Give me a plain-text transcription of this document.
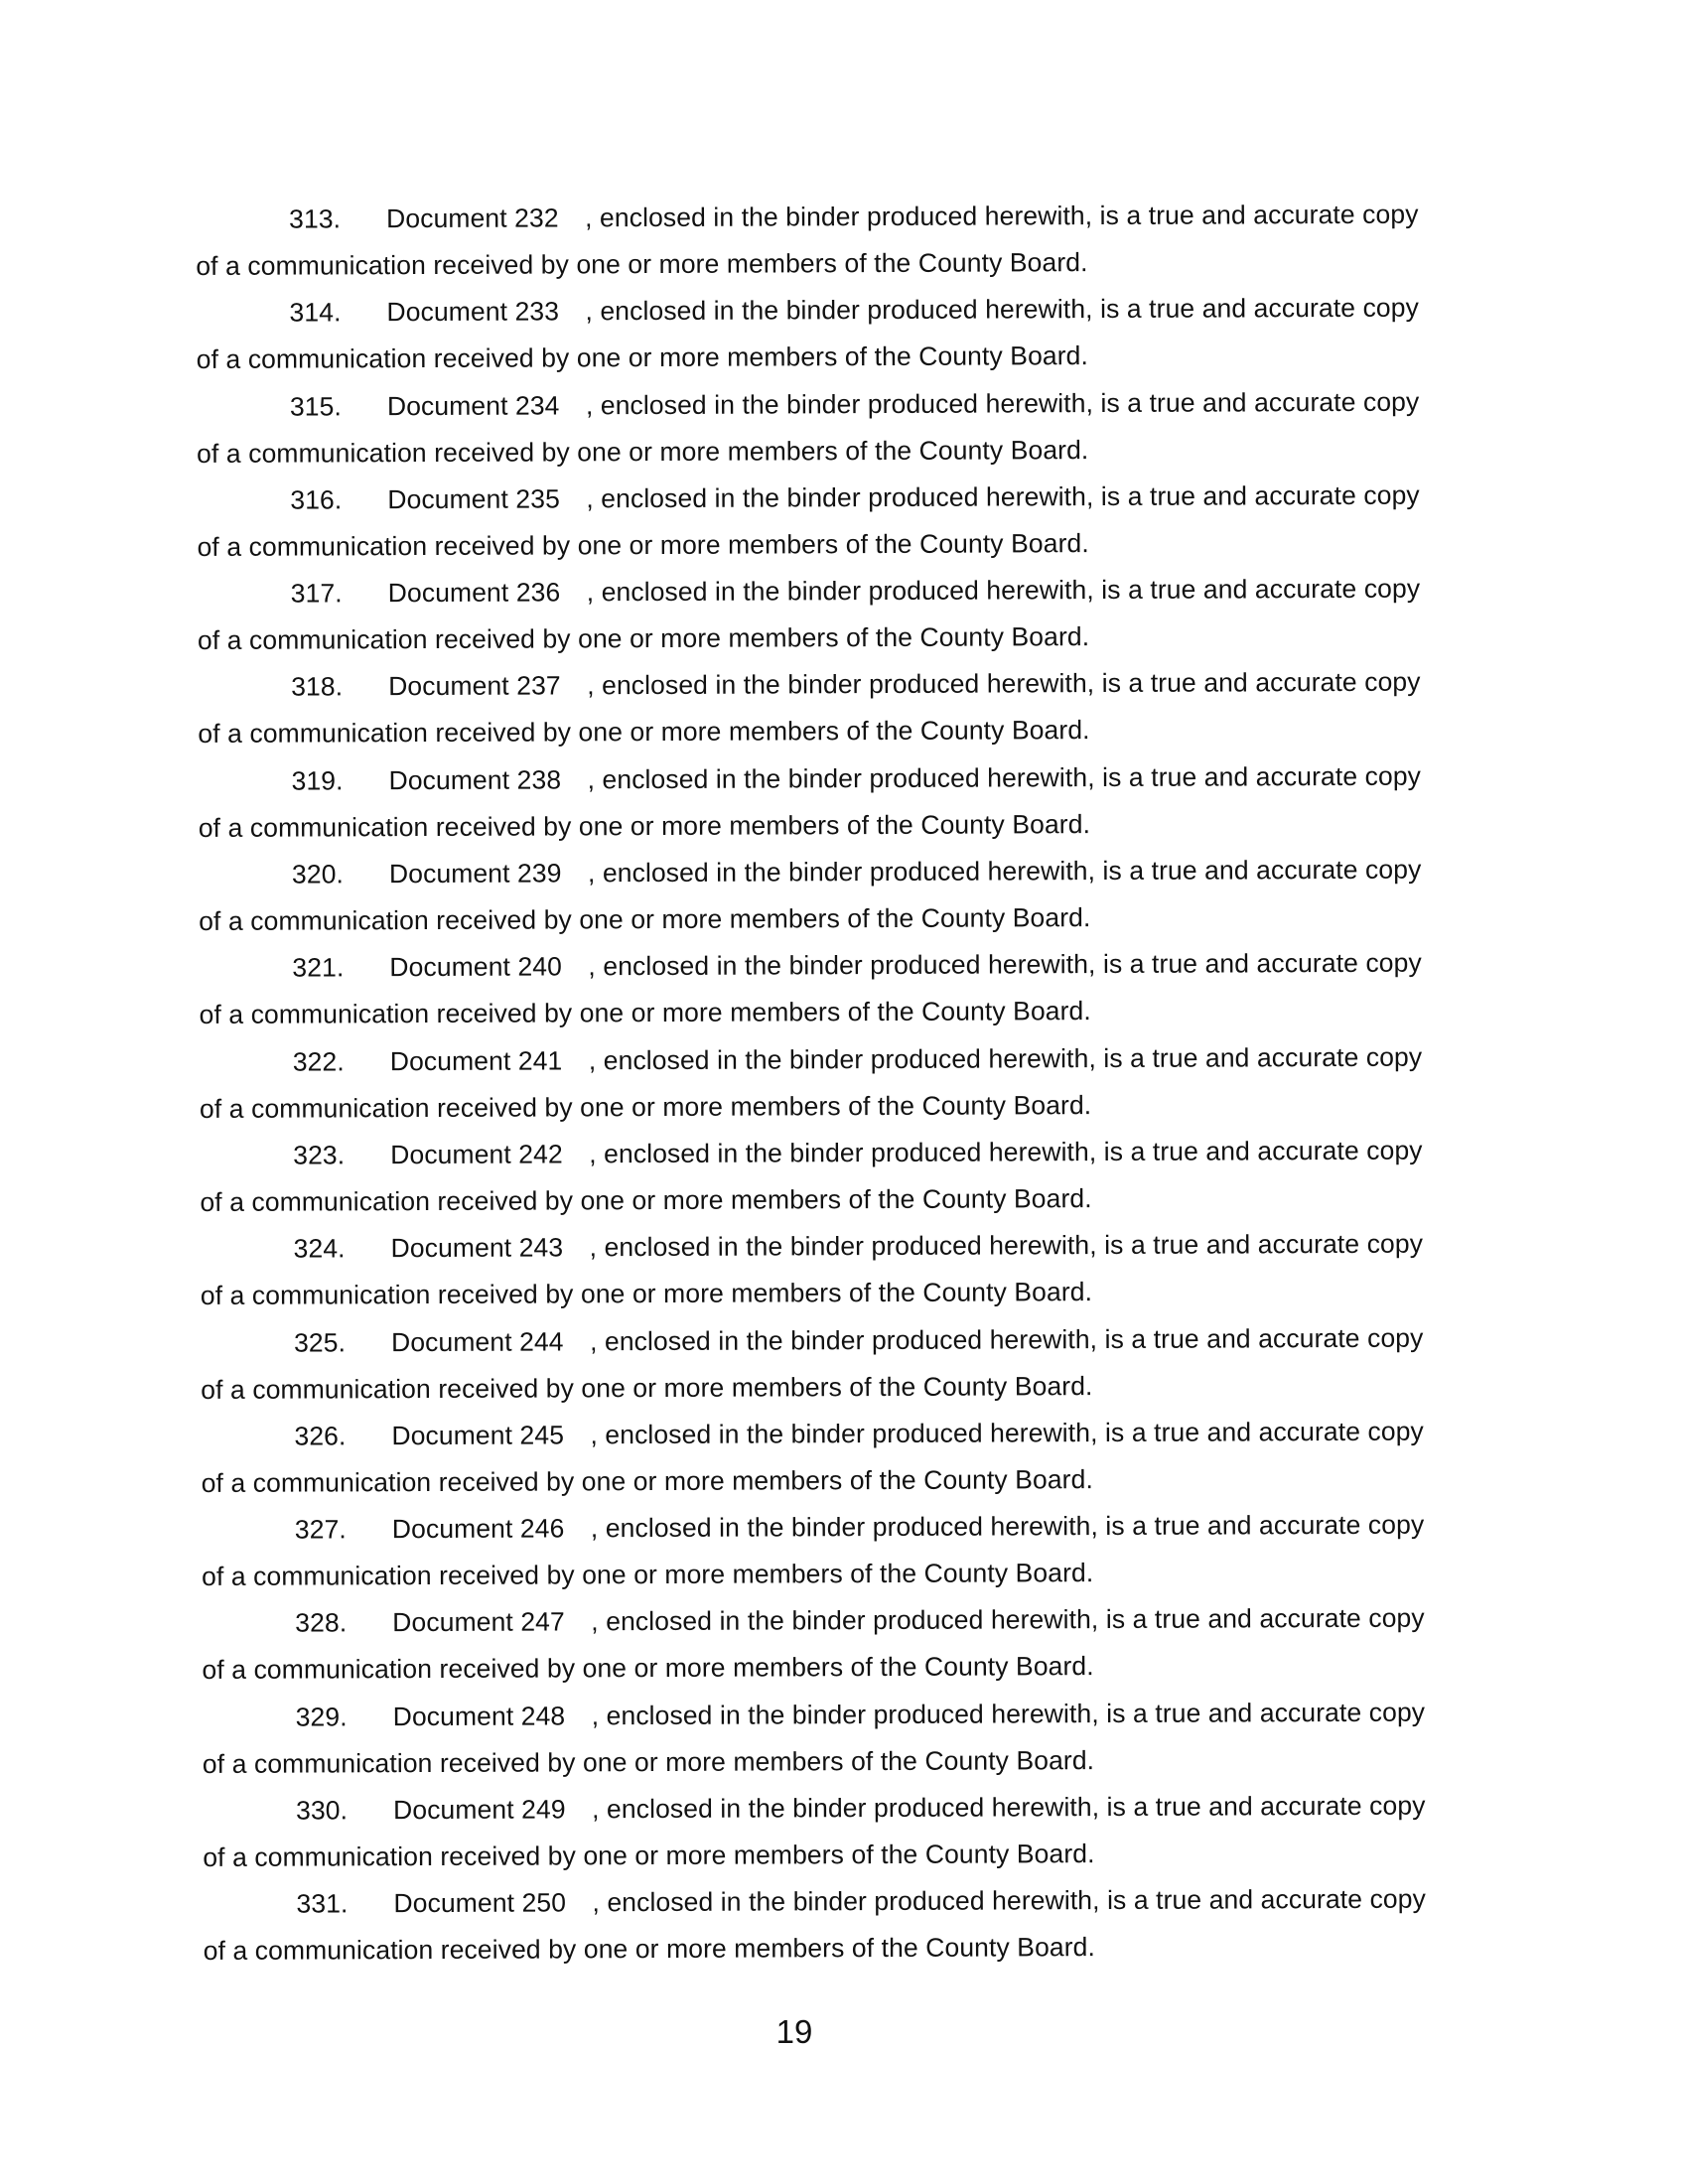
313.	Document 232 , enclosed in the binder produced herewith, is a true and accurate copy
of a communication received by one or more members of the County Board.
314.	Document 233 , enclosed in the binder produced herewith, is a true and accurate copy
of a communication received by one or more members of the County Board.
315.	Document 234 , enclosed in the binder produced herewith, is a true and accurate copy
of a communication received by one or more members of the County Board.
316.	Document 235 , enclosed in the binder produced herewith, is a true and accurate copy
of a communication received by one or more members of the County Board.
317.	Document 236 , enclosed in the binder produced herewith, is a true and accurate copy
of a communication received by one or more members of the County Board.
318.	Document 237 , enclosed in the binder produced herewith, is a true and accurate copy
of a communication received by one or more members of the County Board.
319.	Document 238 , enclosed in the binder produced herewith, is a true and accurate copy
of a communication received by one or more members of the County Board.
320.	Document 239 , enclosed in the binder produced herewith, is a true and accurate copy
of a communication received by one or more members of the County Board.
321.	Document 240 , enclosed in the binder produced herewith, is a true and accurate copy
of a communication received by one or more members of the County Board.
322.	Document 241 , enclosed in the binder produced herewith, is a true and accurate copy
of a communication received by one or more members of the County Board.
323.	Document 242 , enclosed in the binder produced herewith, is a true and accurate copy
of a communication received by one or more members of the County Board.
324.	Document 243 , enclosed in the binder produced herewith, is a true and accurate copy
of a communication received by one or more members of the County Board.
325.	Document 244 , enclosed in the binder produced herewith, is a true and accurate copy
of a communication received by one or more members of the County Board.
326.	Document 245 , enclosed in the binder produced herewith, is a true and accurate copy
of a communication received by one or more members of the County Board.
327.	Document 246 , enclosed in the binder produced herewith, is a true and accurate copy
of a communication received by one or more members of the County Board.
328.	Document 247 , enclosed in the binder produced herewith, is a true and accurate copy
of a communication received by one or more members of the County Board.
329.	Document 248 , enclosed in the binder produced herewith, is a true and accurate copy
of a communication received by one or more members of the County Board.
330.	Document 249 , enclosed in the binder produced herewith, is a true and accurate copy
of a communication received by one or more members of the County Board.
331.	Document 250 , enclosed in the binder produced herewith, is a true and accurate copy
of a communication received by one or more members of the County Board.
19
